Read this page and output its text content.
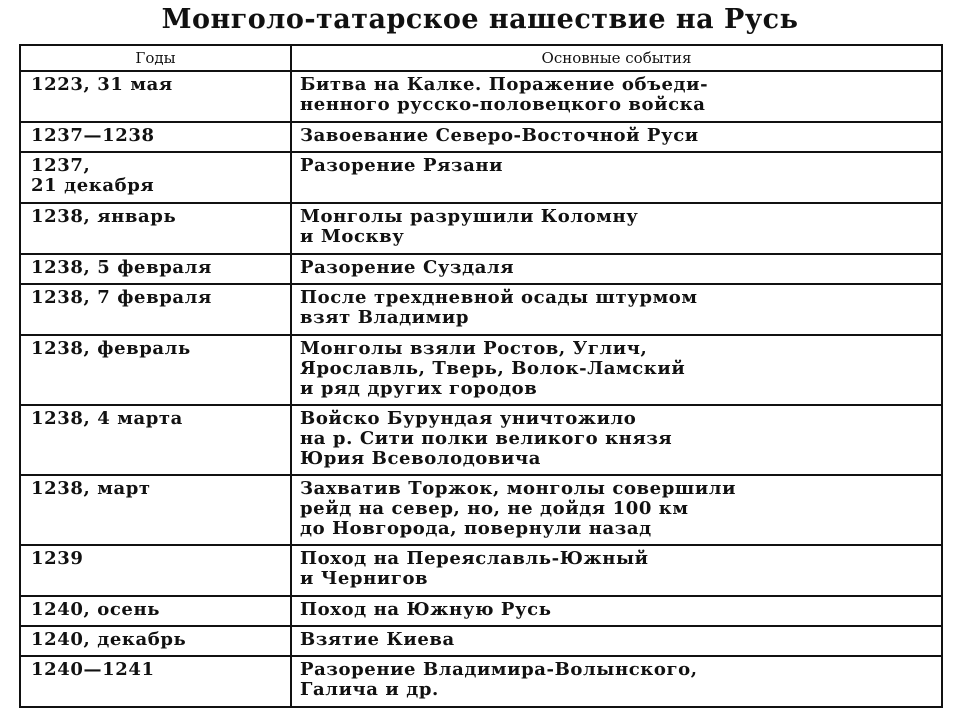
Монголо-татарское нашествие на Русь
Годы	Основные события
1223, 31 мая	Битва на Калке. Поражение объеди-
ненного русско-половецкого войска
1237—1238	Завоевание Северо-Восточной Руси
1237,
21 декабря	Разорение Рязани
1238, январь	Монголы разрушили Коломну
и Москву
1238, 5 февраля	Разорение Суздаля
1238, 7 февраля	После трехдневной осады штурмом
взят Владимир
1238, февраль	Монголы взяли Ростов, Углич,
Ярославль, Тверь, Волок-Ламский
и ряд других городов
1238, 4 марта	Войско Бурундая уничтожило
на р. Сити полки великого князя
Юрия Всеволодовича
1238, март	Захватив Торжок, монголы совершили
рейд на север, но, не дойдя 100 км
до Новгорода, повернули назад
1239	Поход на Переяславль-Южный
и Чернигов
1240, осень	Поход на Южную Русь
1240, декабрь	Взятие Киева
1240—1241	Разорение Владимира-Волынского,
Галича и др.
